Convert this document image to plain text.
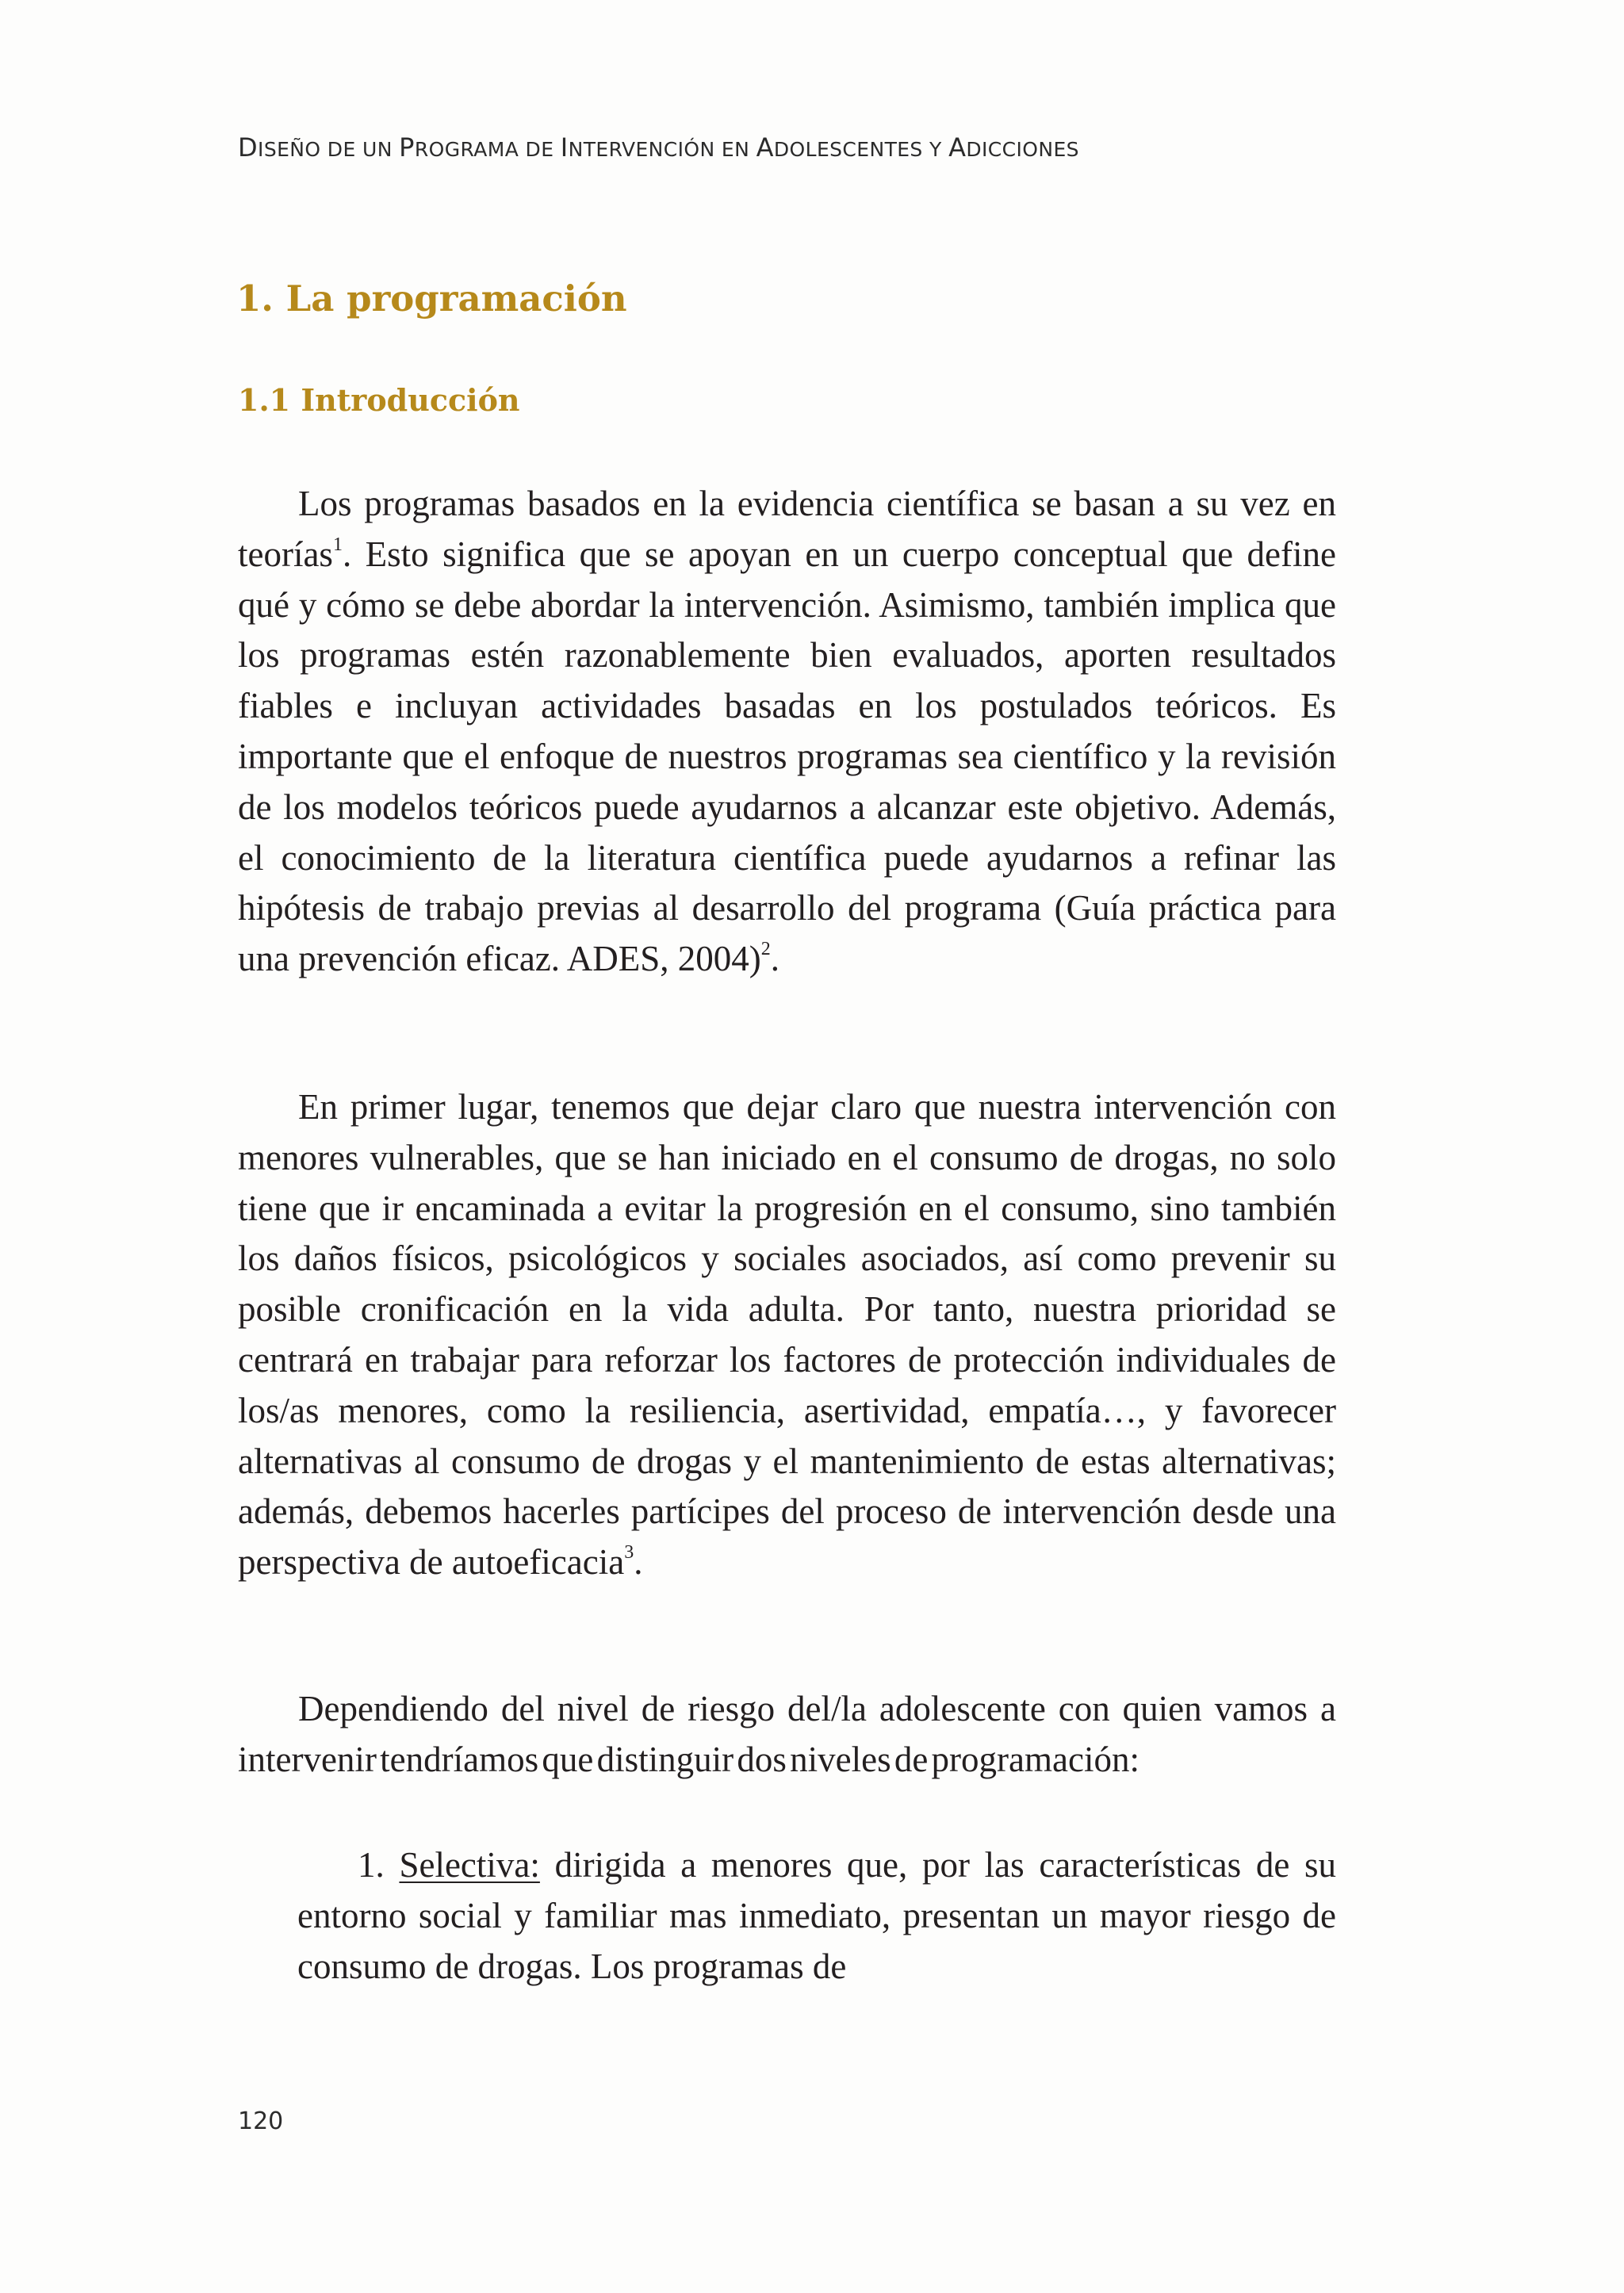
DISEÑO DE UN PROGRAMA DE INTERVENCIÓN EN ADOLESCENTES Y ADICCIONES
1. La programación
1.1 Introducción

Los programas basados en la evidencia científica se basan a su vez en teorías$^1$. Esto significa que se apoyan en un cuerpo conceptual que define qué y cómo se debe abordar la intervención. Asimismo, también implica que los programas estén razonablemente bien evaluados, aporten resultados fiables e incluyan actividades basadas en los postulados teóricos. Es importante que el enfoque de nuestros programas sea científico y la revisión de los modelos teóricos puede ayudarnos a alcanzar este objetivo. Además, el conocimiento de la literatura científica puede ayudarnos a refinar las hipótesis de trabajo previas al desarrollo del programa (Guía práctica para una prevención eficaz. ADES, 2004)$^2$.

En primer lugar, tenemos que dejar claro que nuestra intervención con menores vulnerables, que se han iniciado en el consumo de drogas, no solo tiene que ir encaminada a evitar la progresión en el consumo, sino también los daños físicos, psicológicos y sociales asociados, así como prevenir su posible cronificación en la vida adulta. Por tanto, nuestra prioridad se centrará en trabajar para reforzar los factores de protección individuales de los/as menores, como la resiliencia, asertividad, empatía…, y favorecer alternativas al consumo de drogas y el mantenimiento de estas alternativas; además, debemos hacerles partícipes del proceso de intervención desde una perspectiva de autoeficacia$^3$.

Dependiendo del nivel de riesgo del/la adolescente con quien vamos a intervenir tendríamos que distinguir dos niveles de programación:

1. Selectiva: dirigida a menores que, por las características de su entorno social y familiar mas inmediato, presentan un mayor riesgo de consumo de drogas. Los programas de

120
